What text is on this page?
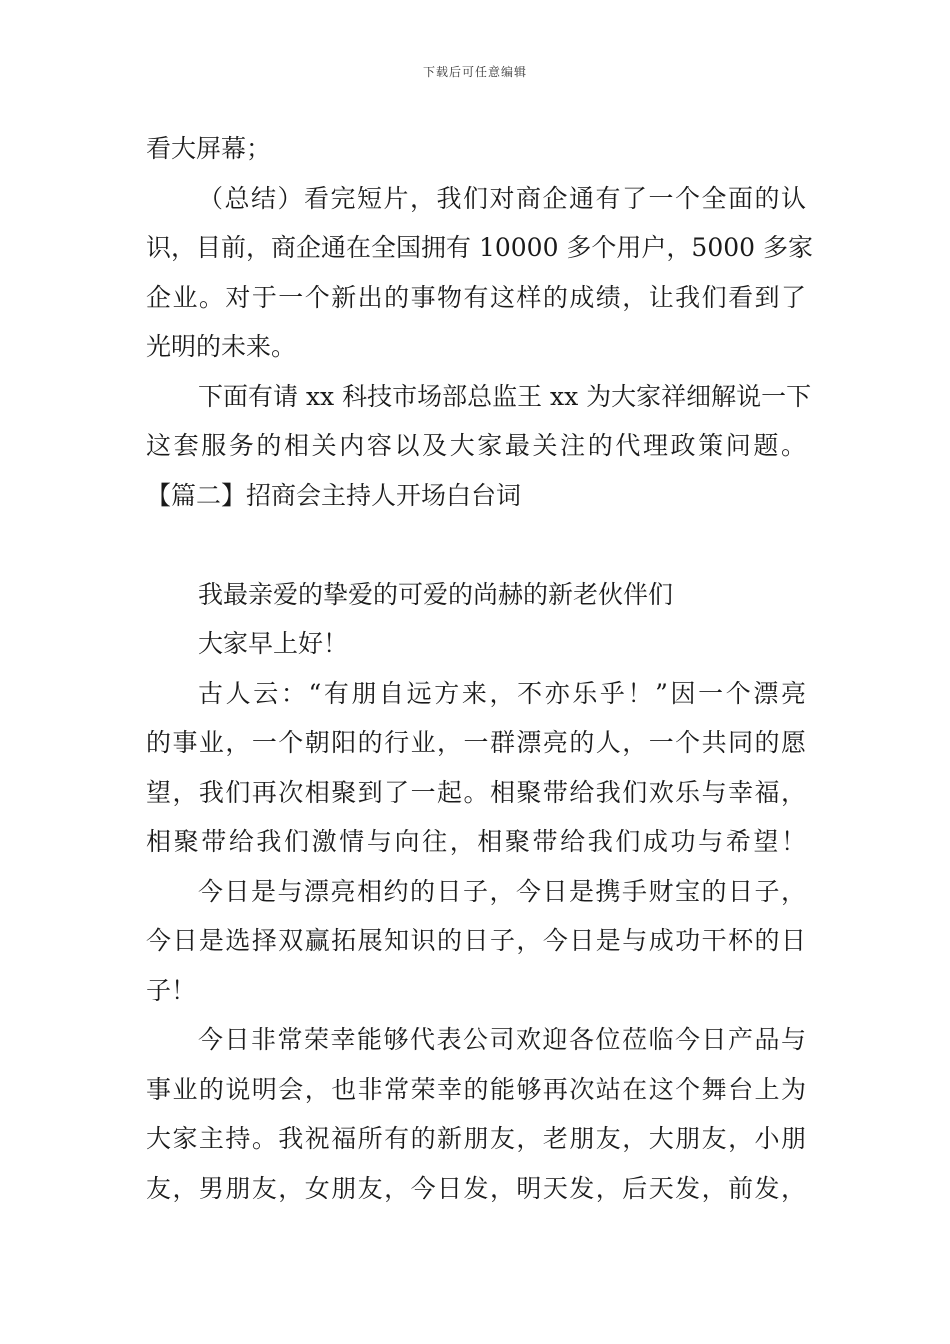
下载后可任意编辑
看大屏幕；
（总结）看完短片，我们对商企通有了一个全面的认
识，目前，商企通在全国拥有 10000 多个用户，5000 多家
企业。对于一个新出的事物有这样的成绩，让我们看到了
光明的未来。
下面有请 xx 科技市场部总监王 xx 为大家祥细解说一下
这套服务的相关内容以及大家最关注的代理政策问题。
【篇二】招商会主持人开场白台词
我最亲爱的挚爱的可爱的尚赫的新老伙伴们
大家早上好！
古人云：“有朋自远方来，不亦乐乎！”因一个漂亮
的事业，一个朝阳的行业，一群漂亮的人，一个共同的愿
望，我们再次相聚到了一起。相聚带给我们欢乐与幸福，
相聚带给我们激情与向往，相聚带给我们成功与希望！
今日是与漂亮相约的日子，今日是携手财宝的日子，
今日是选择双赢拓展知识的日子，今日是与成功干杯的日
子！
今日非常荣幸能够代表公司欢迎各位莅临今日产品与
事业的说明会，也非常荣幸的能够再次站在这个舞台上为
大家主持。我祝福所有的新朋友，老朋友，大朋友，小朋
友，男朋友，女朋友，今日发，明天发，后天发，前发，
